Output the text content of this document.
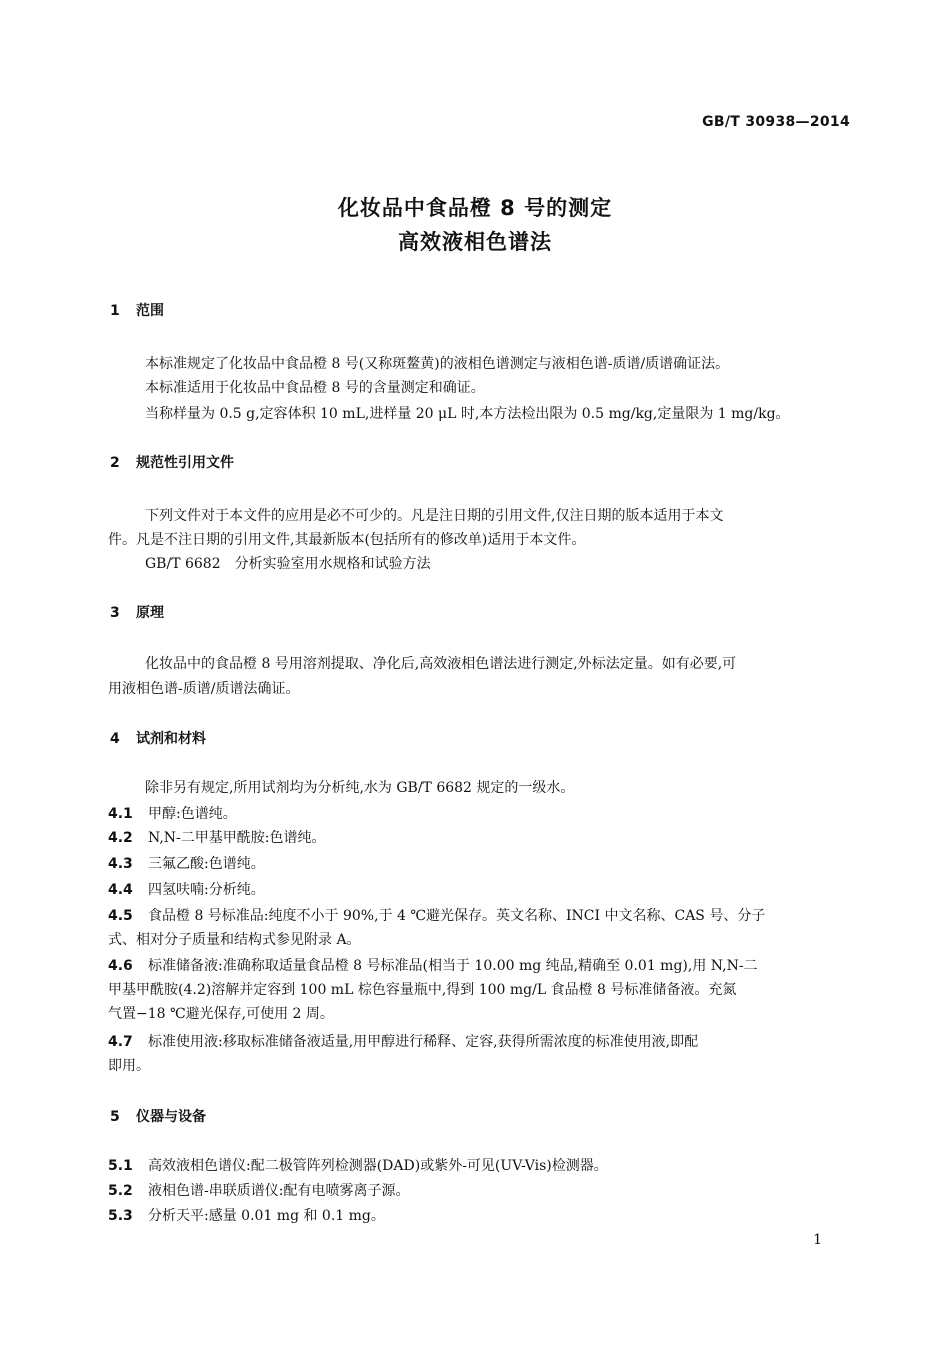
GB/T 30938—2014
化妆品中食品橙 8 号的测定
高效液相色谱法
1 范围
本标准规定了化妆品中食品橙 8 号(又称斑鳌黄)的液相色谱测定与液相色谱-质谱/质谱确证法。
本标准适用于化妆品中食品橙 8 号的含量测定和确证。
当称样量为 0.5 g,定容体积 10 mL,进样量 20 μL 时,本方法检出限为 0.5 mg/kg,定量限为 1 mg/kg。
2 规范性引用文件
下列文件对于本文件的应用是必不可少的。凡是注日期的引用文件,仅注日期的版本适用于本文
件。凡是不注日期的引用文件,其最新版本(包括所有的修改单)适用于本文件。
GB/T 6682　分析实验室用水规格和试验方法
3 原理
化妆品中的食品橙 8 号用溶剂提取、净化后,高效液相色谱法进行测定,外标法定量。如有必要,可
用液相色谱-质谱/质谱法确证。
4 试剂和材料
除非另有规定,所用试剂均为分析纯,水为 GB/T 6682 规定的一级水。
4.1 甲醇:色谱纯。
4.2 N,N-二甲基甲酰胺:色谱纯。
4.3 三氟乙酸:色谱纯。
4.4 四氢呋喃:分析纯。
4.5 食品橙 8 号标准品:纯度不小于 90%,于 4 ℃避光保存。英文名称、INCI 中文名称、CAS 号、分子
式、相对分子质量和结构式参见附录 A。
4.6 标准储备液:准确称取适量食品橙 8 号标准品(相当于 10.00 mg 纯品,精确至 0.01 mg),用 N,N-二
甲基甲酰胺(4.2)溶解并定容到 100 mL 棕色容量瓶中,得到 100 mg/L 食品橙 8 号标准储备液。充氮
气置−18 ℃避光保存,可使用 2 周。
4.7 标准使用液:移取标准储备液适量,用甲醇进行稀释、定容,获得所需浓度的标准使用液,即配
即用。
5 仪器与设备
5.1 高效液相色谱仪:配二极管阵列检测器(DAD)或紫外-可见(UV-Vis)检测器。
5.2 液相色谱-串联质谱仪:配有电喷雾离子源。
5.3 分析天平:感量 0.01 mg 和 0.1 mg。
1
